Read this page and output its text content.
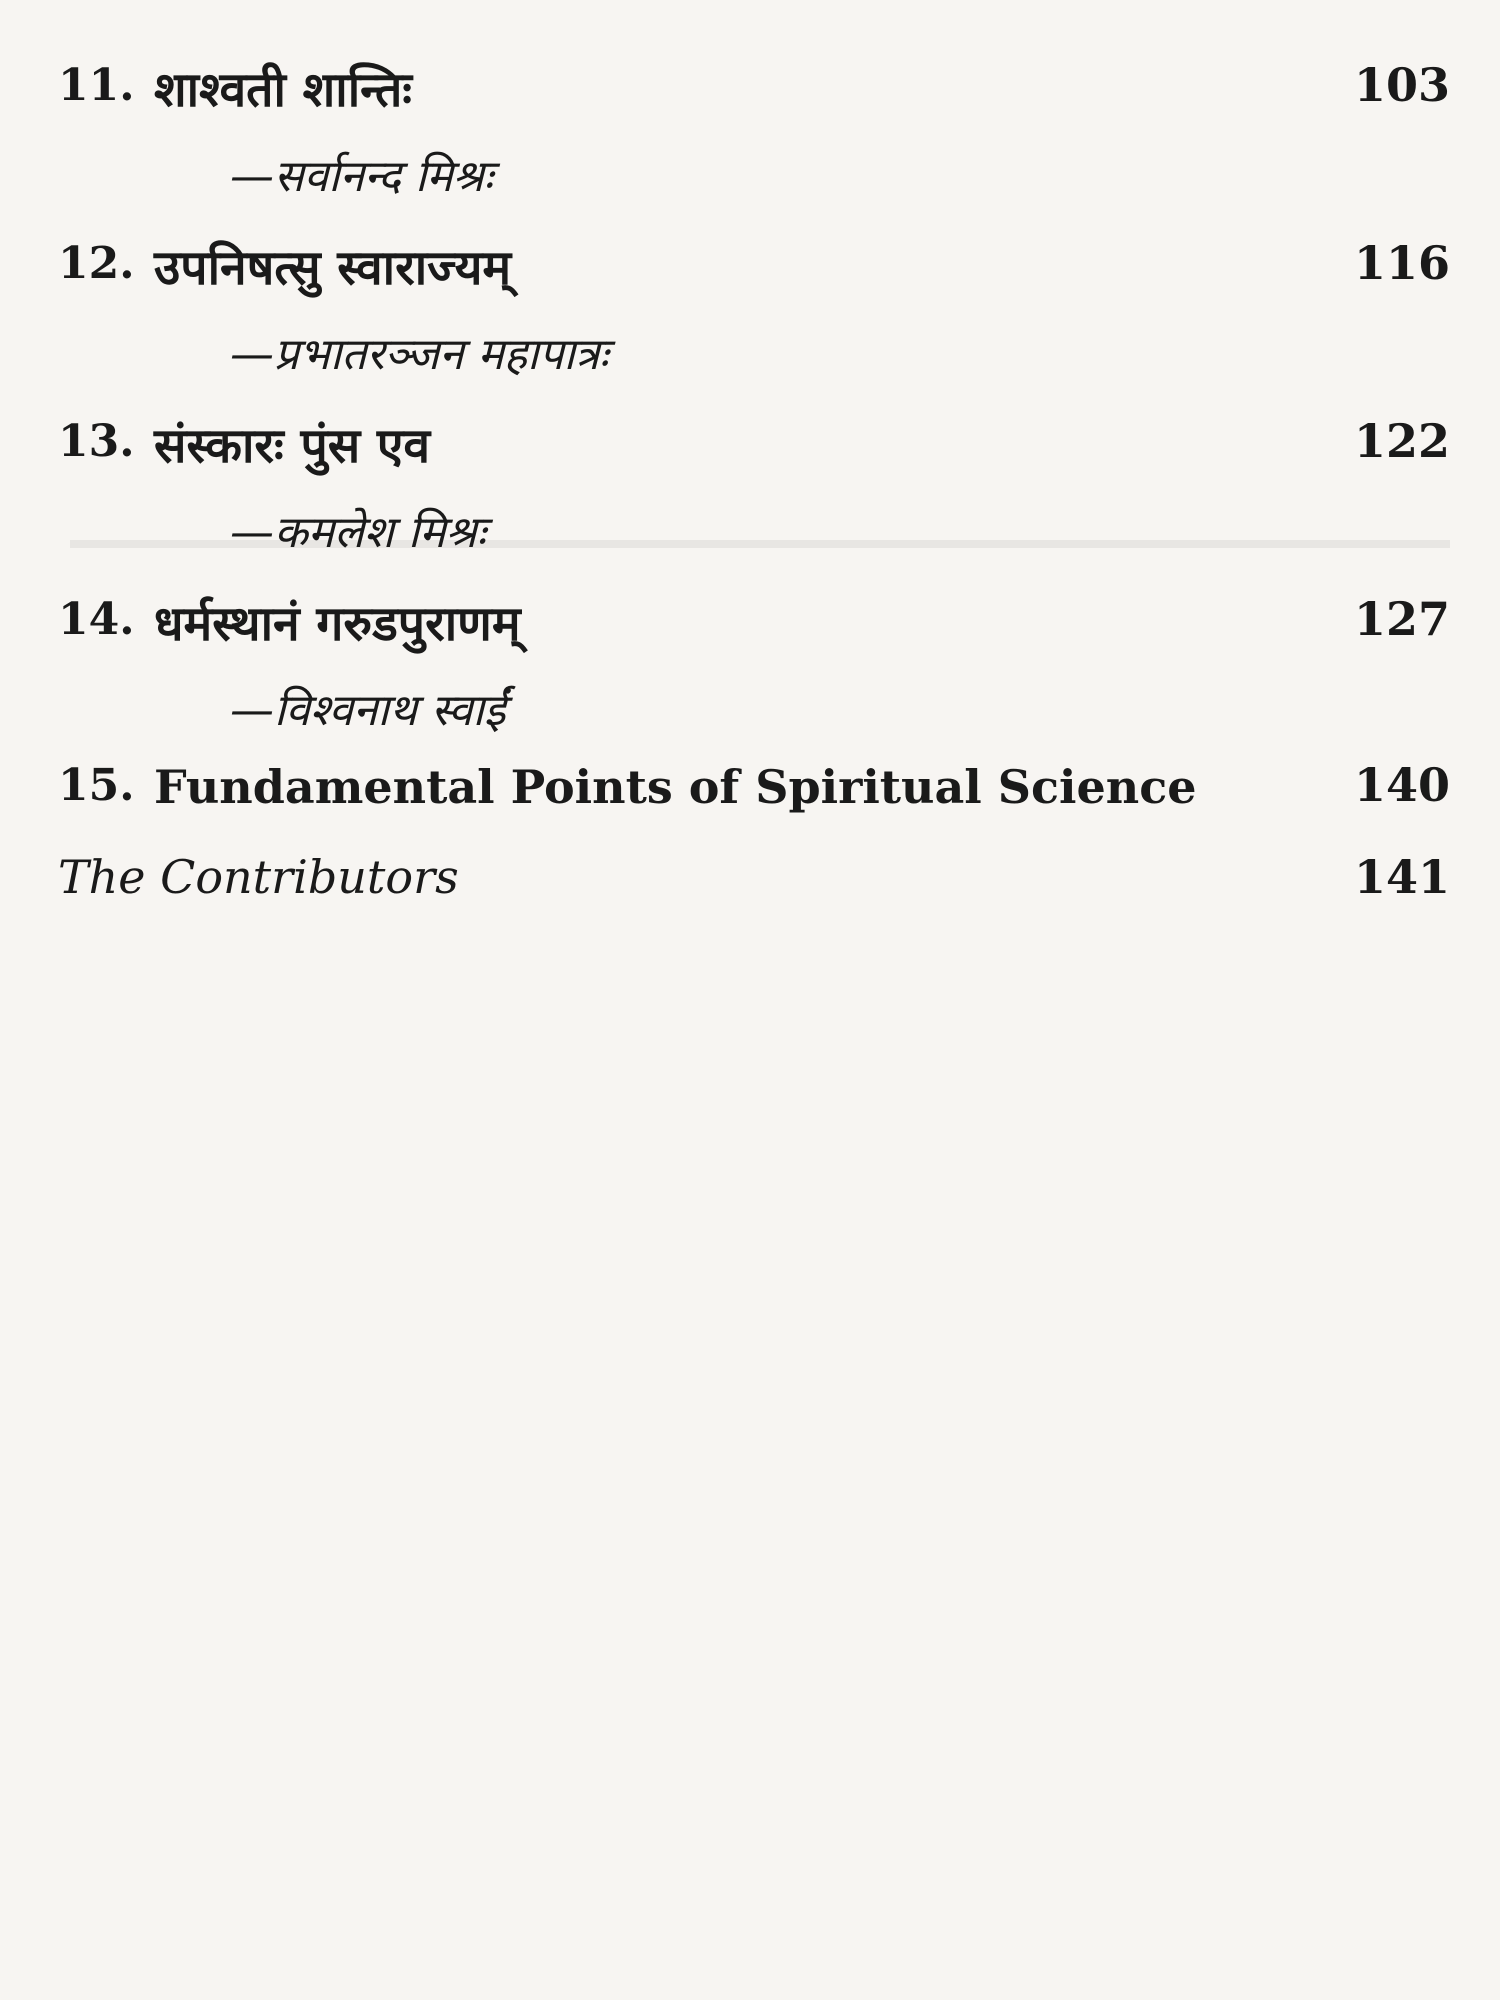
11. शाश्वती शान्तिः	103
—सर्वानन्द मिश्रः
12. उपनिषत्सु स्वाराज्यम्	116
—प्रभातरञ्जन महापात्रः
13. संस्कारः पुंस एव	122
—कमलेश मिश्रः
14. धर्मस्थानं गरुडपुराणम्	127
—विश्वनाथ स्वाईं
15. Fundamental Points of Spiritual Science	140
The Contributors	141
